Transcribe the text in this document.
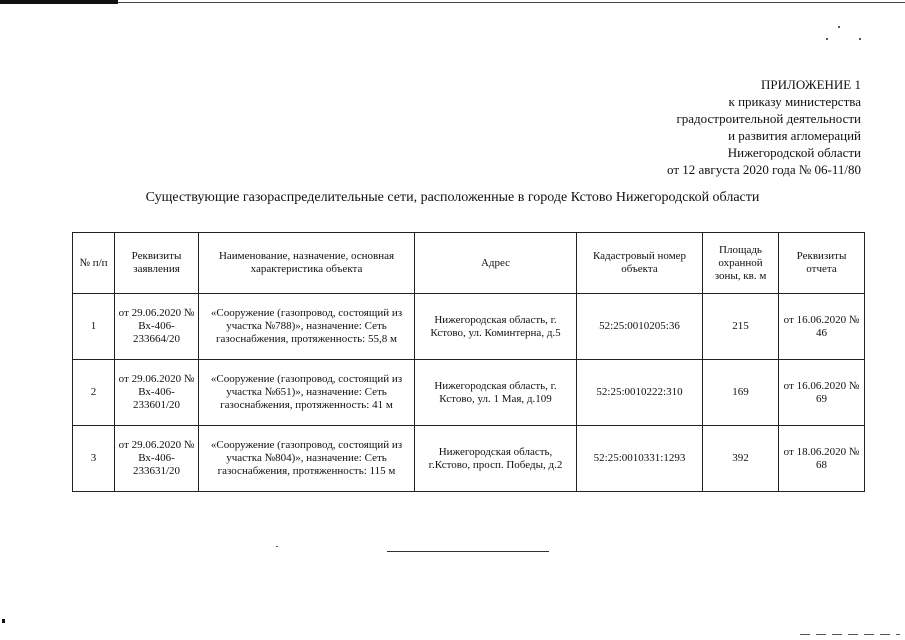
ПРИЛОЖЕНИЕ 1
к приказу министерства
градостроительной деятельности
и развития агломераций
Нижегородской области
от 12 августа 2020 года № 06-11/80
Существующие газораспределительные сети, расположенные в городе Кстово Нижегородской области
№ п/п	Реквизиты заявления	Наименование, назначение, основная характеристика объекта	Адрес	Кадастровый номер объекта	Площадь охранной зоны, кв. м	Реквизиты отчета
1	от 29.06.2020 № Вх-406-233664/20	«Сооружение (газопровод, состоящий из участка №788)», назначение: Сеть газоснабжения, протяженность: 55,8 м	Нижегородская область, г. Кстово, ул. Коминтерна, д.5	52:25:0010205:36	215	от 16.06.2020 № 46
2	от 29.06.2020 № Вх-406-233601/20	«Сооружение (газопровод, состоящий из участка №651)», назначение: Сеть газоснабжения, протяженность: 41 м	Нижегородская область, г. Кстово, ул. 1 Мая, д.109	52:25:0010222:310	169	от 16.06.2020 № 69
3	от 29.06.2020 № Вх-406-233631/20	«Сооружение (газопровод, состоящий из участка №804)», назначение: Сеть газоснабжения, протяженность: 115 м	Нижегородская область, г.Кстово, просп. Победы, д.2	52:25:0010331:1293	392	от 18.06.2020 № 68
